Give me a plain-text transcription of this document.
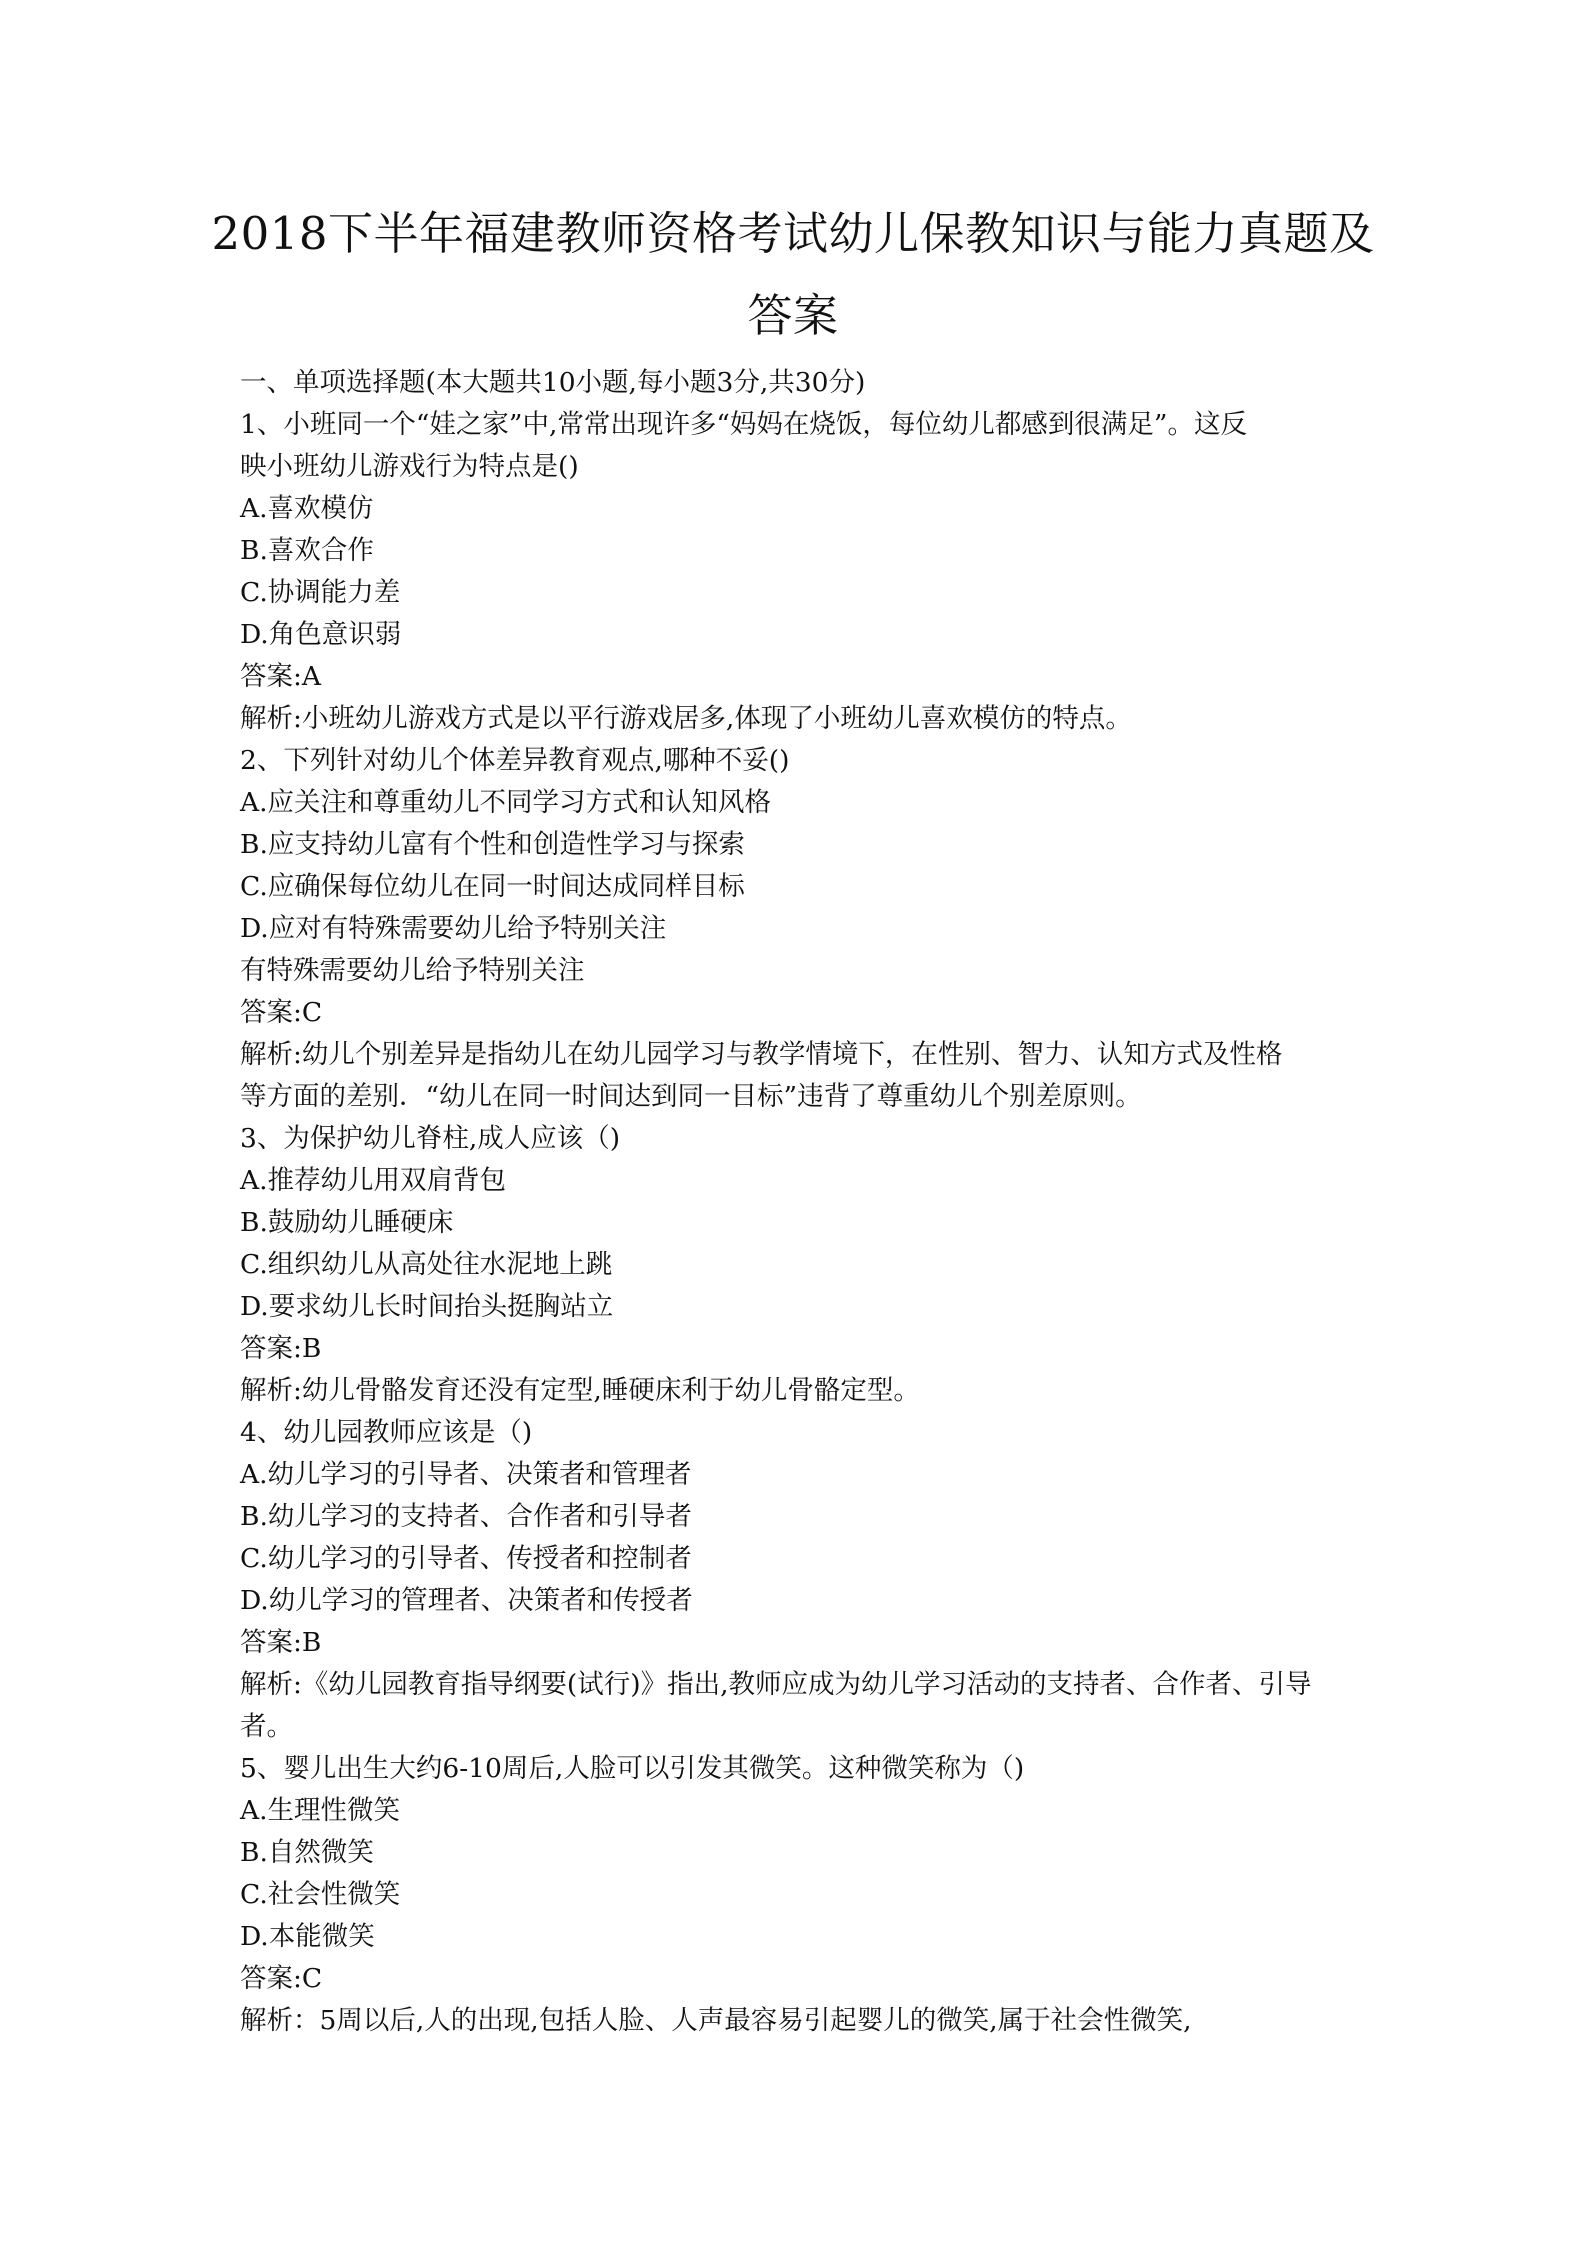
2018下半年福建教师资格考试幼儿保教知识与能力真题及
答案
一、单项选择题(本大题共10小题,每小题3分,共30分)
1、小班同一个“娃之家”中,常常出现许多“妈妈在烧饭，每位幼儿都感到很满足”。这反
映小班幼儿游戏行为特点是()
A.喜欢模仿
B.喜欢合作
C.协调能力差
D.角色意识弱
答案:A
解析:小班幼儿游戏方式是以平行游戏居多,体现了小班幼儿喜欢模仿的特点。
2、下列针对幼儿个体差异教育观点,哪种不妥()
A.应关注和尊重幼儿不同学习方式和认知风格
B.应支持幼儿富有个性和创造性学习与探索
C.应确保每位幼儿在同一时间达成同样目标
D.应对有特殊需要幼儿给予特别关注
有特殊需要幼儿给予特别关注
答案:C
解析:幼儿个别差异是指幼儿在幼儿园学习与教学情境下，在性别、智力、认知方式及性格
等方面的差别．“幼儿在同一时间达到同一目标”违背了尊重幼儿个别差原则。
3、为保护幼儿脊柱,成人应该（)
A.推荐幼儿用双肩背包
B.鼓励幼儿睡硬床
C.组织幼儿从高处往水泥地上跳
D.要求幼儿长时间抬头挺胸站立
答案:B
解析:幼儿骨骼发育还没有定型,睡硬床利于幼儿骨骼定型。
4、幼儿园教师应该是（)
A.幼儿学习的引导者、决策者和管理者
B.幼儿学习的支持者、合作者和引导者
C.幼儿学习的引导者、传授者和控制者
D.幼儿学习的管理者、决策者和传授者
答案:B
解析:《幼儿园教育指导纲要(试行)》指出,教师应成为幼儿学习活动的支持者、合作者、引导
者。
5、婴儿出生大约6-10周后,人脸可以引发其微笑。这种微笑称为（)
A.生理性微笑
B.自然微笑
C.社会性微笑
D.本能微笑
答案:C
解析：5周以后,人的出现,包括人脸、人声最容易引起婴儿的微笑,属于社会性微笑,
